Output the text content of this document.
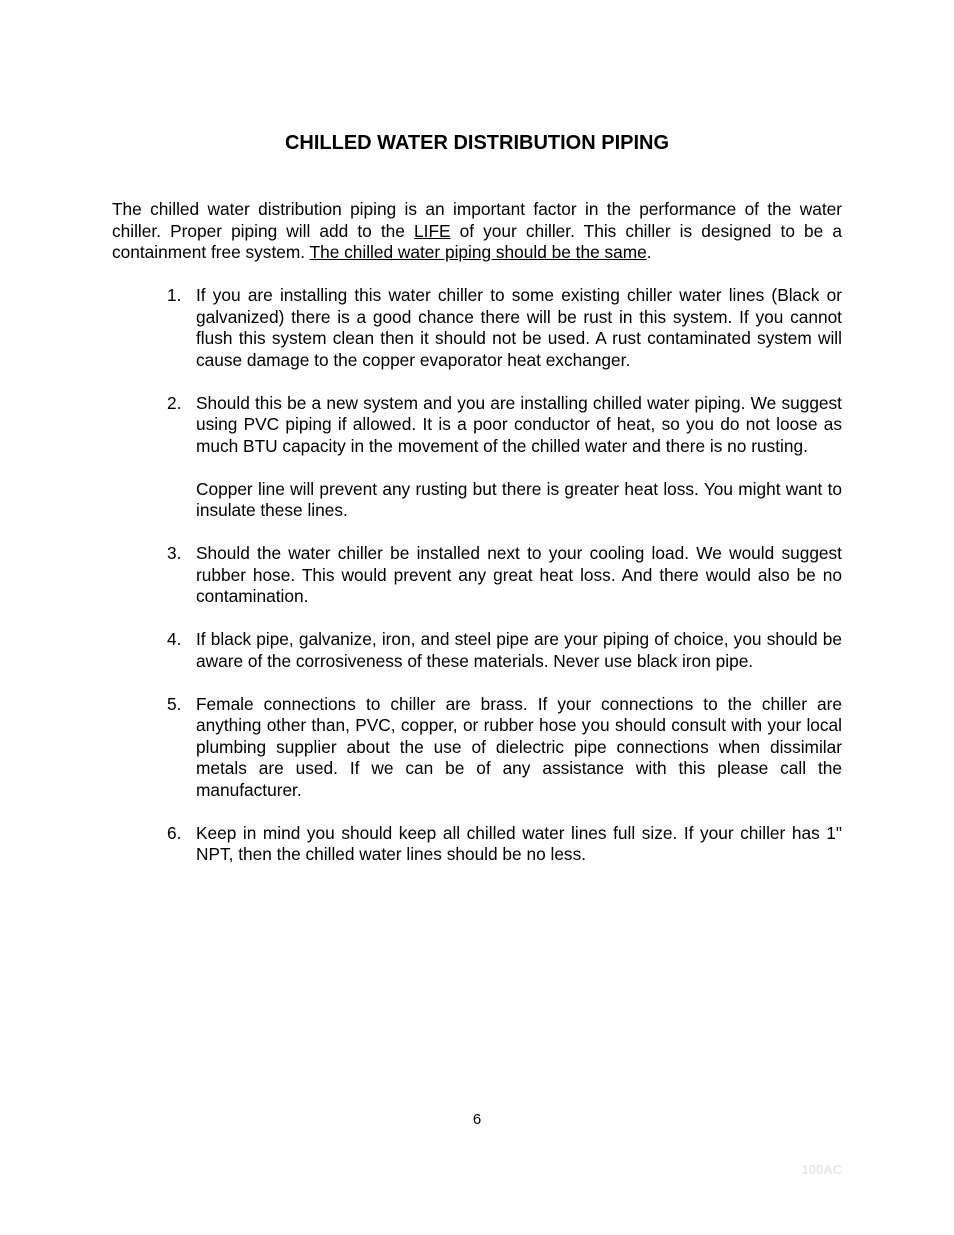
CHILLED WATER DISTRIBUTION PIPING
The chilled water distribution piping is an important factor in the performance of the water chiller. Proper piping will add to the LIFE of your chiller. This chiller is designed to be a containment free system. The chilled water piping should be the same.
1. If you are installing this water chiller to some existing chiller water lines (Black or galvanized) there is a good chance there will be rust in this system. If you cannot flush this system clean then it should not be used. A rust contaminated system will cause damage to the copper evaporator heat exchanger.

2. Should this be a new system and you are installing chilled water piping. We suggest using PVC piping if allowed. It is a poor conductor of heat, so you do not loose as much BTU capacity in the movement of the chilled water and there is no rusting.

Copper line will prevent any rusting but there is greater heat loss. You might want to insulate these lines.

3. Should the water chiller be installed next to your cooling load. We would suggest rubber hose. This would prevent any great heat loss. And there would also be no contamination.

4. If black pipe, galvanize, iron, and steel pipe are your piping of choice, you should be aware of the corrosiveness of these materials. Never use black iron pipe.

5. Female connections to chiller are brass. If your connections to the chiller are anything other than, PVC, copper, or rubber hose you should consult with your local plumbing supplier about the use of dielectric pipe connections when dissimilar metals are used. If we can be of any assistance with this please call the manufacturer.

6. Keep in mind you should keep all chilled water lines full size. If your chiller has 1" NPT, then the chilled water lines should be no less.

6
100AC
